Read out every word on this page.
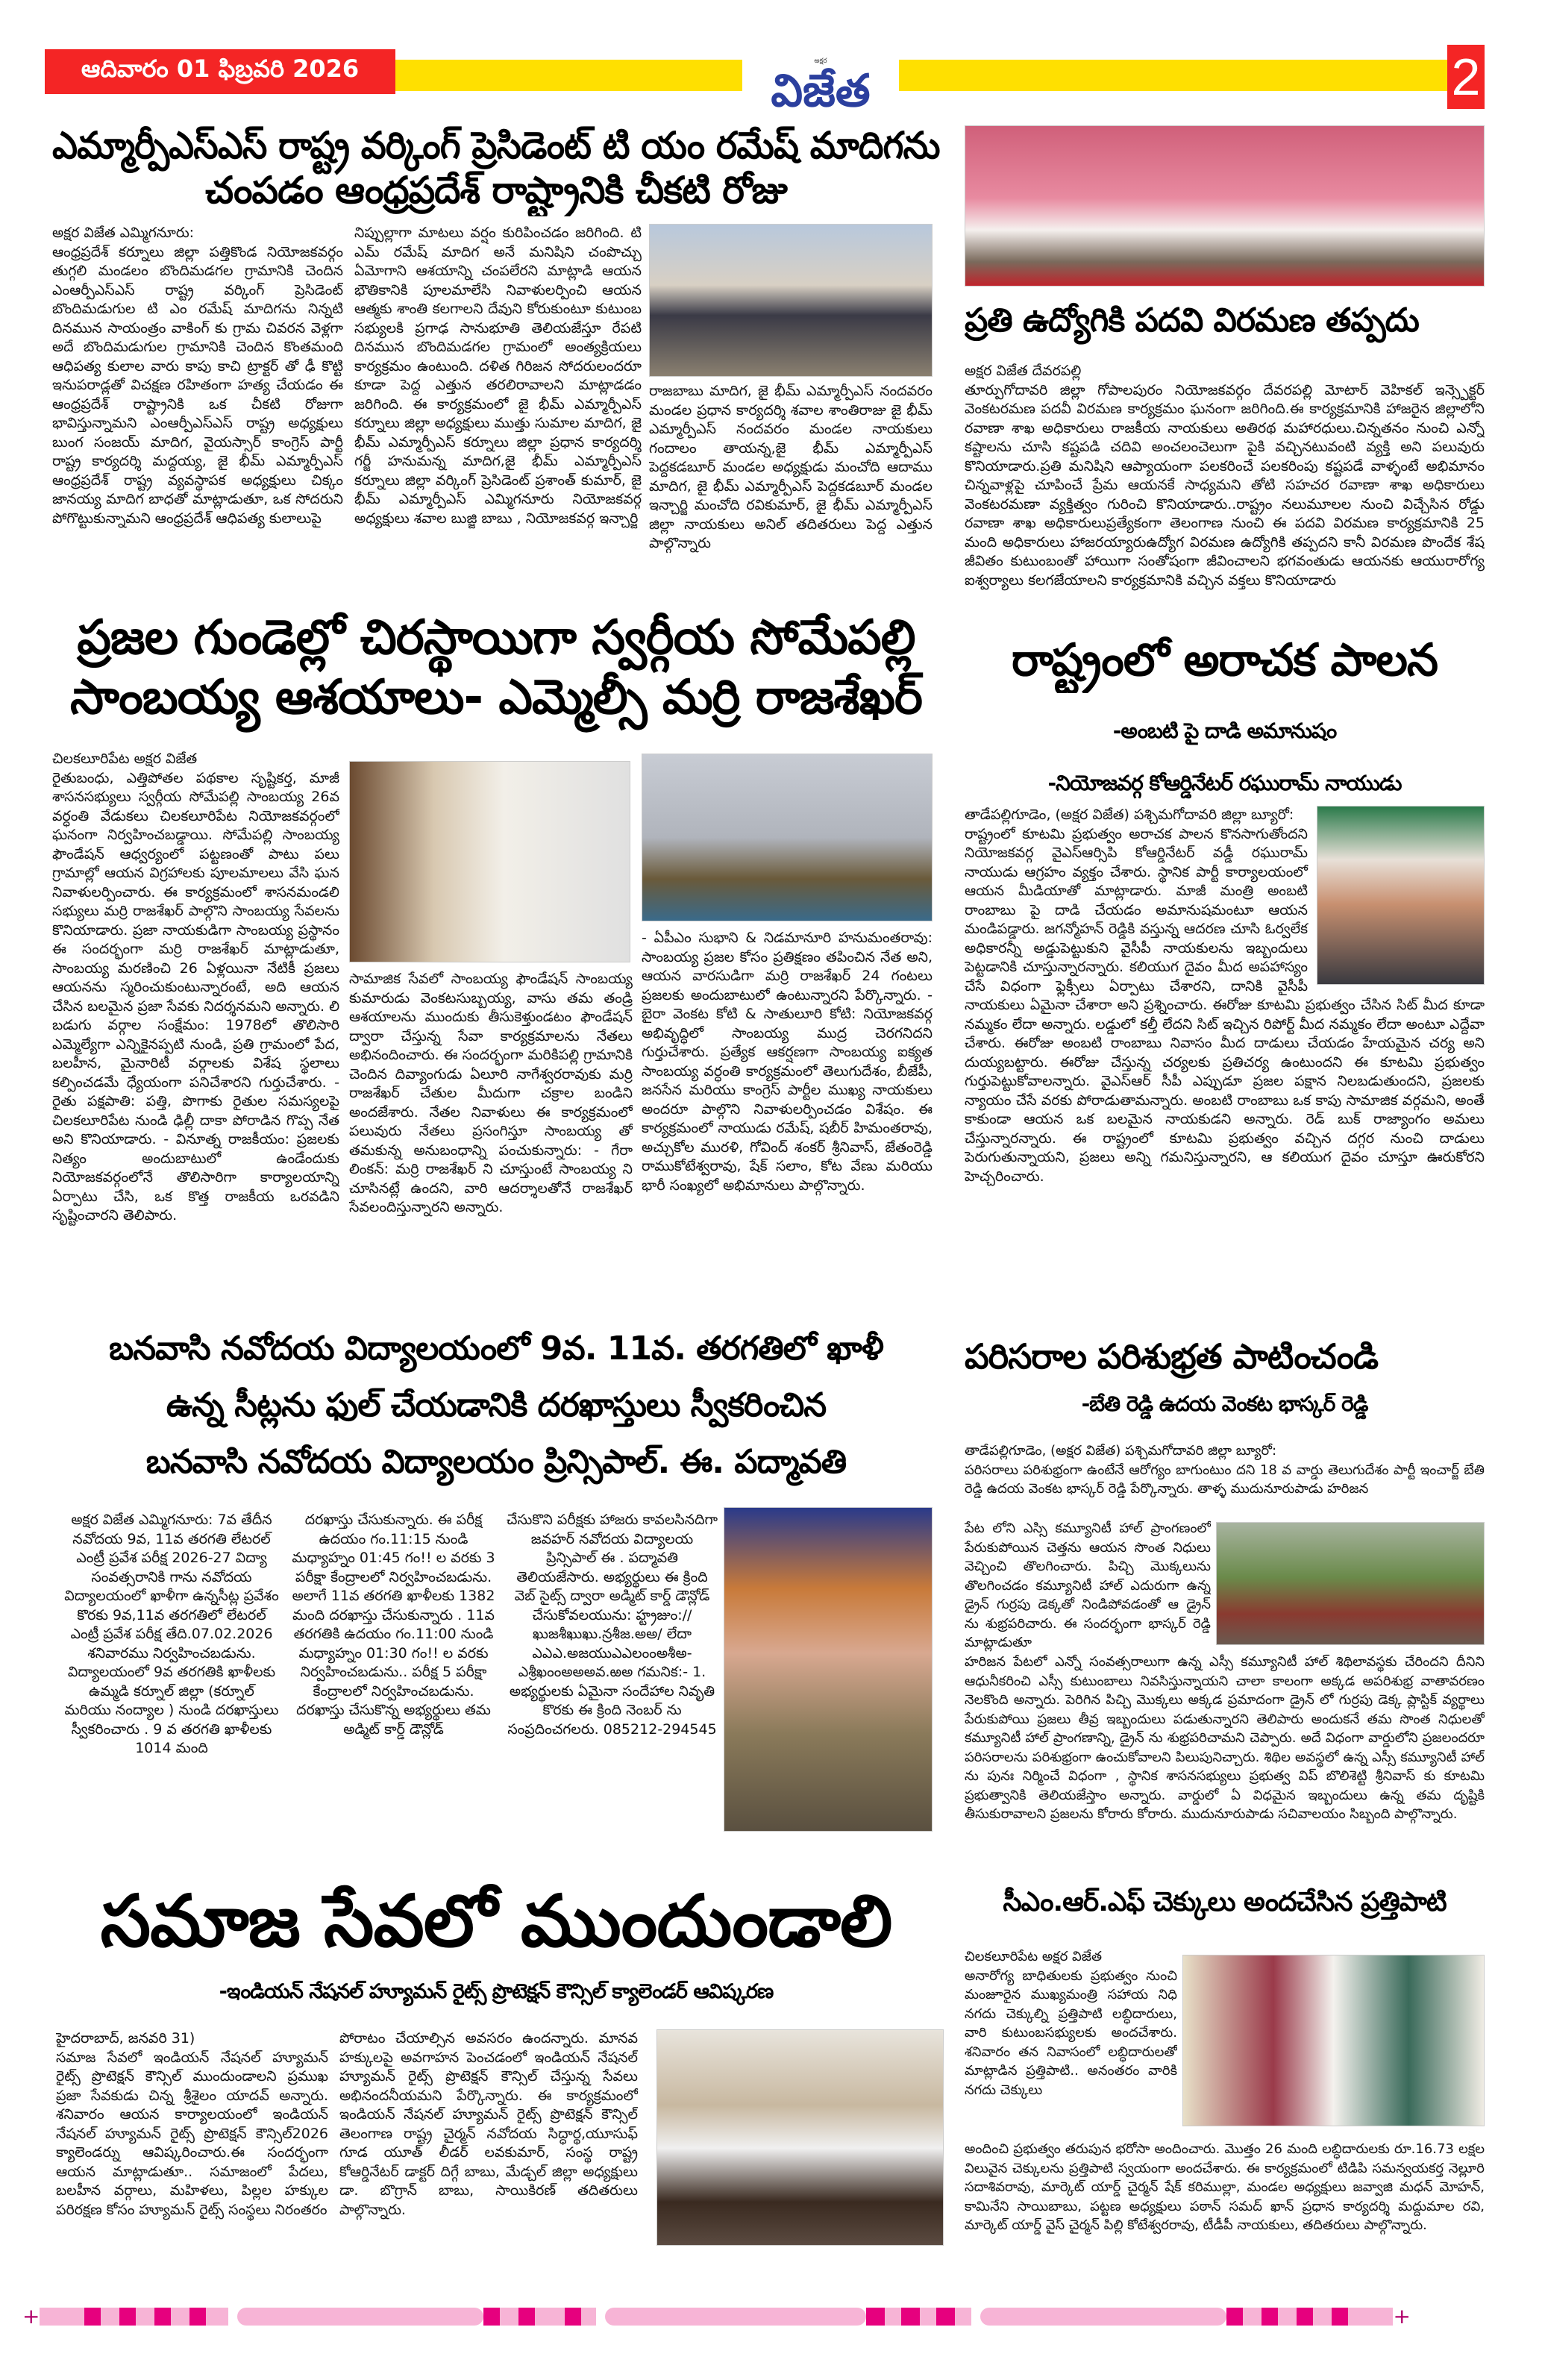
ఆదివారం 01 ఫిబ్రవరి 2026	అక్షర
విజేత	2
ఎమ్మార్పీఎస్ఎస్ రాష్ట్ర వర్కింగ్ ప్రెసిడెంట్ టి యం రమేష్ మాదిగను
చంపడం ఆంధ్రప్రదేశ్ రాష్ట్రానికి చీకటి రోజు

అక్షర విజేత ఎమ్మిగనూరు:

ఆంధ్రప్రదేశ్ కర్నూలు జిల్లా పత్తికొండ నియోజకవర్గం తుగ్గలి మండలం బొందిమడగల గ్రామానికి చెందిన ఎంఆర్పీఎస్ఎస్ రాష్ట్ర వర్కింగ్ ప్రెసిడెంట్ బొందిమడుగుల టి ఎం రమేష్ మాదిగను నిన్నటి దినమున సాయంత్రం వాకింగ్ కు గ్రామ చివరన వెళ్లగా అదే బొందిమడుగుల గ్రామానికి చెందిన కొంతమంది ఆధిపత్య కులాల వారు కాపు కాచి ట్రాక్టర్ తో ఢీ కొట్టి ఇనుపరాడ్లతో విచక్షణ రహితంగా హత్య చేయడం ఈ ఆంధ్రప్రదేశ్ రాష్ట్రానికి ఒక చీకటి రోజుగా భావిస్తున్నామని ఎంఆర్పీఎస్ఎస్ రాష్ట్ర అధ్యక్షులు బుంగ సంజయ్ మాదిగ, వైయస్సార్ కాంగ్రెస్ పార్టీ రాష్ట్ర కార్యదర్శి మద్దయ్య, జై భీమ్ ఎమ్మార్పీఎస్ ఆంధ్రప్రదేశ్ రాష్ట్ర వ్యవస్థాపక అధ్యక్షులు చిక్కం జానయ్య మాదిగ బాధతో మాట్లాడుతూ, ఒక సోదరుని పోగొట్టుకున్నామని ఆంధ్రప్రదేశ్ ఆధిపత్య కులాలుపై

నిప్పుల్లాగా మాటలు వర్షం కురిపించడం జరిగింది. టి ఎమ్ రమేష్ మాదిగ అనే మనిషిని చంపొచ్చు ఏమోగాని ఆశయాన్ని చంపలేరని మాట్లాడి ఆయన భౌతికానికి పూలమాలేసి నివాళులర్పించి ఆయన ఆత్మకు శాంతి కలగాలని దేవుని కోరుకుంటూ కుటుంబ సభ్యులకి ప్రగాఢ సానుభూతి తెలియజేస్తూ రేపటి దినమున బొందిమడగల గ్రామంలో అంత్యక్రియలు కార్యక్రమం ఉంటుంది. దళిత గిరిజన సోదరులందరూ కూడా పెద్ద ఎత్తున తరలిరావాలని మాట్లాడడం జరిగింది. ఈ కార్యక్రమంలో జై భీమ్ ఎమ్మార్పీఎస్ కర్నూలు జిల్లా అధ్యక్షులు ముత్తు సుమాల మాదిగ, జై భీమ్ ఎమ్మార్పీఎస్ కర్నూలు జిల్లా ప్రధాన కార్యదర్శి గర్జీ హనుమన్న మాదిగ,జై భీమ్ ఎమ్మార్పీఎస్ కర్నూలు జిల్లా వర్కింగ్ ప్రెసిడెంట్ ప్రశాంత్ కుమార్, జై భీమ్ ఎమ్మార్పీఎస్ ఎమ్మిగనూరు నియోజకవర్గ అధ్యక్షులు శవాల బుజ్జి బాబు , నియోజకవర్గ ఇన్చార్జి

రాజబాబు మాదిగ, జై భీమ్ ఎమ్మార్పీఎస్ నందవరం మండల ప్రధాన కార్యదర్శి శవాల శాంతిరాజు జై భీమ్ ఎమ్మార్పీఎస్ నందవరం మండల నాయకులు గందాలం తాయన్న,జై భీమ్ ఎమ్మార్పీఎస్ పెద్దకడబూర్ మండల అధ్యక్షుడు మంచోది ఆదాము మాదిగ, జై భీమ్ ఎమ్మార్పీఎస్ పెద్దకడబూర్ మండల ఇన్చార్జి మంచోది రవికుమార్, జై భీమ్ ఎమ్మార్పీఎస్ జిల్లా నాయకులు అనిల్ తదితరులు పెద్ద ఎత్తున పాల్గొన్నారు

ప్రతి ఉద్యోగికి పదవి విరమణ తప్పదు

అక్షర విజేత దేవరపల్లి

తూర్పుగోదావరి జిల్లా గోపాలపురం నియోజకవర్గం దేవరపల్లి మోటార్ వెహికల్ ఇన్స్పెక్టర్ వెంకటరమణ పదవీ విరమణ కార్యక్రమం ఘనంగా జరిగింది.ఈ కార్యక్రమానికి హాజరైన జిల్లాలోని రవాణా శాఖ అధికారులు రాజకీయ నాయకులు అతిరథ మహారధులు.చిన్నతనం నుంచి ఎన్నో కష్టాలను చూసి కష్టపడి చదివి అంచలంచెలుగా పైకి వచ్చినటువంటి వ్యక్తి అని పలువురు కొనియాడారు.ప్రతి మనిషిని ఆప్యాయంగా పలకరించే పలకరింపు కష్టపడే వాళ్ళంటే అభిమానం చిన్నవాళ్లపై చూపించే ప్రేమ ఆయనకే సాధ్యమని తోటి సహచర రవాణా శాఖ అధికారులు వెంకటరమణా వ్యక్తిత్వం గురించి కొనియాడారు..రాష్ట్రం నలుమూలల నుంచి విచ్చేసిన రోడ్డు రవాణా శాఖ అధికారులుప్రత్యేకంగా తెలంగాణ నుంచి ఈ పదవి విరమణ కార్యక్రమానికి 25 మంది అధికారులు హాజరయ్యారుఉద్యోగ విరమణ ఉద్యోగికి తప్పదని కానీ విరమణ పొందేక శేష జీవితం కుటుంబంతో హాయిగా సంతోషంగా జీవించాలని భగవంతుడు ఆయనకు ఆయురారోగ్య ఐశ్వర్యాలు కలగజేయాలని కార్యక్రమానికి వచ్చిన వక్తలు కొనియాడారు

ప్రజల గుండెల్లో చిరస్థాయిగా స్వర్గీయ సోమేపల్లి
సాంబయ్య ఆశయాలు- ఎమ్మెల్సీ మర్రి రాజశేఖర్

చిలకలూరిపేట అక్షర విజేత

రైతుబంధు, ఎత్తిపోతల పథకాల సృష్టికర్త, మాజీ శాసనసభ్యులు స్వర్గీయ సోమేపల్లి సాంబయ్య 26వ వర్ధంతి వేడుకలు చిలకలూరిపేట నియోజకవర్గంలో ఘనంగా నిర్వహించబడ్డాయి. సోమేపల్లి సాంబయ్య ఫౌండేషన్ ఆధ్వర్యంలో పట్టణంతో పాటు పలు గ్రామాల్లో ఆయన విగ్రహాలకు పూలమాలలు వేసి ఘన నివాళులర్పించారు. ఈ కార్యక్రమంలో శాసనమండలి సభ్యులు మర్రి రాజశేఖర్ పాల్గొని సాంబయ్య సేవలను కొనియాడారు. ప్రజా నాయకుడిగా సాంబయ్య ప్రస్థానం ఈ సందర్భంగా మర్రి రాజశేఖర్ మాట్లాడుతూ, సాంబయ్య మరణించి 26 ఏళ్లయినా నేటికీ ప్రజలు ఆయనను స్మరించుకుంటున్నారంటే, అది ఆయన చేసిన బలమైన ప్రజా సేవకు నిదర్శనమని అన్నారు. లి బడుగు వర్గాల సంక్షేమం: 1978లో తొలిసారి ఎమ్మెల్యేగా ఎన్నికైనప్పటి నుండి, ప్రతి గ్రామంలో పేద, బలహీన, మైనారిటీ వర్గాలకు విశేష స్థలాలు కల్పించడమే ధ్యేయంగా పనిచేశారని గుర్తుచేశారు. - రైతు పక్షపాతి: పత్తి, పొగాకు రైతుల సమస్యలపై చిలకలూరిపేట నుండి ఢిల్లీ దాకా పోరాడిన గొప్ప నేత అని కొనియాడారు. - వినూత్న రాజకీయం: ప్రజలకు నిత్యం అందుబాటులో ఉండేందుకు నియోజకవర్గంలోనే తొలిసారిగా కార్యాలయాన్ని ఏర్పాటు చేసి, ఒక కొత్త రాజకీయ ఒరవడిని సృష్టించారని తెలిపారు.

సామాజిక సేవలో సాంబయ్య ఫౌండేషన్ సాంబయ్య కుమారుడు వెంకటసుబ్బయ్య, వాసు తమ తండ్రి ఆశయాలను ముందుకు తీసుకెళ్తుండటం ఫౌండేషన్ ద్వారా చేస్తున్న సేవా కార్యక్రమాలను నేతలు అభినందించారు. ఈ సందర్భంగా మరికిపల్లి గ్రామానికి చెందిన దివ్యాంగుడు ఏలూరి నాగేశ్వరరావుకు మర్రి రాజశేఖర్ చేతుల మీదుగా చక్రాల బండిని అందజేశారు. నేతల నివాళులు ఈ కార్యక్రమంలో పలువురు నేతలు ప్రసంగిస్తూ సాంబయ్య తో తమకున్న అనుబంధాన్ని పంచుకున్నారు: - గేరా లింకన్: మర్రి రాజశేఖర్ ని చూస్తుంటే సాంబయ్య ని చూసినట్లే ఉందని, వారి ఆదర్శాలతోనే రాజశేఖర్ సేవలందిస్తున్నారని అన్నారు.

- ఏపీఎం సుభాని & నిడమానూరి హనుమంతరావు: సాంబయ్య ప్రజల కోసం ప్రతిక్షణం తపించిన నేత అని, ఆయన వారసుడిగా మర్రి రాజశేఖర్ 24 గంటలు ప్రజలకు అందుబాటులో ఉంటున్నారని పేర్కొన్నారు. - బైరా వెంకట కోటి & సాతులూరి కోటి: నియోజకవర్గ అభివృద్ధిలో సాంబయ్య ముద్ర చెరగనిదని గుర్తుచేశారు. ప్రత్యేక ఆకర్షణగా సాంబయ్య ఐక్యత సాంబయ్య వర్ధంతి కార్యక్రమంలో తెలుగుదేశం, బీజేపీ, జనసేన మరియు కాంగ్రెస్ పార్టీల ముఖ్య నాయకులు అందరూ పాల్గొని నివాళులర్పించడం విశేషం. ఈ కార్యక్రమంలో నాయుడు రమేష్, షబీర్ హిమంతరావు, అచ్చుకోల మురళి, గోవింద్ శంకర్ శ్రీనివాస్, జేతంరెడ్డి రాముకోటేశ్వరావు, షేక్ సలాం, కోట వేణు మరియు భారీ సంఖ్యలో అభిమానులు పాల్గొన్నారు.

రాష్ట్రంలో అరాచక పాలన
-అంబటి పై దాడి అమానుషం
-నియోజవర్గ కోఆర్డినేటర్ రఘురామ్ నాయుడు

తాడేపల్లిగూడెం, (అక్షర విజేత) పశ్చిమగోదావరి జిల్లా బ్యూరో:

రాష్ట్రంలో కూటమి ప్రభుత్వం అరాచక పాలన కొనసాగుతోందని నియోజకవర్గ వైఎస్ఆర్సిపి కోఆర్డినేటర్ వడ్డీ రఘురామ్ నాయుడు ఆగ్రహం వ్యక్తం చేశారు. స్థానిక పార్టీ కార్యాలయంలో ఆయన మీడియాతో మాట్లాడారు. మాజీ మంత్రి అంబటి రాంబాబు పై దాడి చేయడం అమానుషమంటూ ఆయన మండిపడ్డారు. జగన్మోహన్ రెడ్డికి వస్తున్న ఆదరణ చూసి ఓర్వలేక అధికారన్నీ అడ్డుపెట్టుకుని వైసీపీ నాయకులను ఇబ్బందులు పెట్టడానికి చూస్తున్నారన్నారు. కలియుగ దైవం మీద అపహాస్యం చేసే విధంగా ఫ్లెక్సీలు ఏర్పాటు చేశారని, దానికి వైసీపీ నాయకులు ఏమైనా చేశారా అని ప్రశ్నించారు. ఈరోజు కూటమి ప్రభుత్వం చేసిన సిట్ మీద కూడా నమ్మకం లేదా అన్నారు. లడ్డులో కల్తీ లేదని సిట్ ఇచ్చిన రిపోర్ట్ మీద నమ్మకం లేదా అంటూ ఎద్దేవా చేశారు. ఈరోజు అంబటి రాంబాబు నివాసం మీద దాడులు చేయడం హేయమైన చర్య అని దుయ్యబట్టారు. ఈరోజు చేస్తున్న చర్యలకు ప్రతిచర్య ఉంటుందని ఈ కూటమి ప్రభుత్వం గుర్తుపెట్టుకోవాలన్నారు. వైఎస్ఆర్ సీపీ ఎప్పుడూ ప్రజల పక్షాన నిలబడుతుందని, ప్రజలకు న్యాయం చేసే వరకు పోరాడుతామన్నారు. అంబటి రాంబాబు ఒక కాపు సామాజిక వర్గమని, అంతే కాకుండా ఆయన ఒక బలమైన నాయకుడని అన్నారు. రెడ్ బుక్ రాజ్యాంగం అమలు చేస్తున్నారన్నారు. ఈ రాష్ట్రంలో కూటమి ప్రభుత్వం వచ్చిన దగ్గర నుంచి దాడులు పెరుగుతున్నాయని, ప్రజలు అన్ని గమనిస్తున్నారని, ఆ కలియుగ దైవం చూస్తూ ఊరుకోరని హెచ్చరించారు.

బనవాసి నవోదయ విద్యాలయంలో 9వ. 11వ. తరగతిలో ఖాళీ
ఉన్న సీట్లను ఫుల్ చేయడానికి దరఖాస్తులు స్వీకరించిన
బనవాసి నవోదయ విద్యాలయం ప్రిన్సిపాల్. ఈ. పద్మావతి

అక్షర విజేత ఎమ్మిగనూరు: 7వ తేదీన నవోదయ 9వ, 11వ తరగతి లేటరల్ ఎంట్రీ ప్రవేశ పరీక్ష 2026-27 విద్యా సంవత్సరానికి గాను నవోదయ విద్యాలయంలో ఖాళీగా ఉన్నసీట్ల ప్రవేశం కొరకు 9వ,11వ తరగతిలో లేటరల్ ఎంట్రీ ప్రవేశ పరీక్ష తేది.07.02.2026 శనివారము నిర్వహించబడును. విద్యాలయంలో 9వ తరగతికి ఖాళీలకు ఉమ్మడి కర్నూల్ జిల్లా (కర్నూల్ మరియు నంద్యాల ) నుండి దరఖాస్తులు స్వీకరించారు . 9 వ తరగతి ఖాళీలకు 1014 మంది

దరఖాస్తు చేసుకున్నారు. ఈ పరీక్ష ఉదయం గం.11:15 నుండి మధ్యాహ్నం 01:45 గం!! ల వరకు 3 పరీక్షా కేంద్రాలలో నిర్వహించబడును. అలాగే 11వ తరగతి ఖాళీలకు 1382 మంది దరఖాస్తు చేసుకున్నారు . 11వ తరగతికి ఉదయం గం.11:00 నుండి మధ్యాహ్నం 01:30 గం!! ల వరకు నిర్వహించబడును.. పరీక్ష 5 పరీక్షా కేంద్రాలలో నిర్వహించబడును. దరఖాస్తు చేసుకొన్న అభ్యర్థులు తమ అడ్మిట్ కార్డ్ డౌన్లోడ్

చేసుకొని పరీక్షకు హాజరు కావలసినదిగా జవహర్ నవోదయ విద్యాలయ ప్రిన్సిపాల్ ఈ . పద్మావతి తెలియజేసారు. అభ్యర్థులు ఈ క్రింది వెబ్ సైట్స్ ద్వారా అడ్మిట్ కార్డ్ డౌన్లోడ్ చేసుకోవలయును: హ్ట్రజుం://ఖుజశీఖుఖు.న్రశీజ.అఅ/ లేదా ఎఎఎ.అజయుఎఎలంంఅశీఅ-ఎశ్రీఖంంఅఅఅవ.ఱఅ గమనిక:- 1. అభ్యర్థులకు ఏమైనా సందేహాల నివృతి కొరకు ఈ క్రింది నెంబర్ ను సంప్రదించగలరు. 085212-294545

పరిసరాల పరిశుభ్రత పాటించండి
-బేతి రెడ్డి ఉదయ వెంకట భాస్కర్ రెడ్డి

తాడేపల్లిగూడెం, (అక్షర విజేత) పశ్చిమగోదావరి జిల్లా బ్యూరో:

పరిసరాలు పరిశుభ్రంగా ఉంటేనే ఆరోగ్యం బాగుంటుం దని 18 వ వార్డు తెలుగుదేశం పార్టీ ఇంచార్జ్ బేతి రెడ్డి ఉదయ వెంకట భాస్కర్ రెడ్డి పేర్కొన్నారు. తాళ్ళ ముదునూరుపాడు హరిజన

పేట లోని ఎస్సి కమ్యూనిటీ హాల్ ప్రాంగణంలో పేరుకుపోయిన చెత్తను ఆయన సొంత నిధులు వెచ్చించి తొలగించారు. పిచ్చి మొక్కలును తొలగించడం కమ్యూనిటీ హాల్ ఎదురుగా ఉన్న డ్రైన్ గుర్రపు డెక్కతో నిండిపోవడంతో ఆ డ్రైన్ ను శుభ్రపరిచారు. ఈ సందర్భంగా భాస్కర్ రెడ్డి మాట్లాడుతూ

హరిజన పేటలో ఎన్నో సంవత్సరాలుగా ఉన్న ఎస్సీ కమ్యూనిటీ హాల్ శిథిలావస్థకు చేరిందని దీనిని ఆధునీకరించి ఎస్సీ కుటుంబాలు నివసిస్తున్నాయని చాలా కాలంగా అక్కడ అపరిశుభ్ర వాతావరణం నెలకొంది అన్నారు. పెరిగిన పిచ్చి మొక్కలు అక్కడ ప్రమాదంగా డ్రైన్ లో గుర్రపు డెక్క ప్లాస్టిక్ వ్యర్థాలు పేరుకుపోయి ప్రజలు తీవ్ర ఇబ్బందులు పడుతున్నారని తెలిపారు అందుకనే తమ సొంత నిధులతో కమ్యూనిటీ హాల్ ప్రాంగణాన్ని, డ్రైన్ ను శుభ్రపరిచామని చెప్పారు. అదే విధంగా వార్డులోని ప్రజలందరూ పరిసరాలను పరిశుభ్రంగా ఉంచుకోవాలని పిలుపునిచ్చారు. శిథిల అవస్థలో ఉన్న ఎస్సీ కమ్యూనిటీ హాల్ ను పునః నిర్మించే విధంగా , స్థానిక శాసనసభ్యులు ప్రభుత్వ విప్ బొలిశెట్టి శ్రీనివాస్ కు కూటమి ప్రభుత్వానికి తెలియజేస్తాం అన్నారు. వార్డులో ఏ విధమైన ఇబ్బందులు ఉన్న తమ దృష్టికి తీసుకురావాలని ప్రజలను కోరారు కోరారు. ముదునూరుపాడు సచివాలయం సిబ్బంది పాల్గొన్నారు.

సమాజ సేవలో ముందుండాలి
-ఇండియన్ నేషనల్ హ్యూమన్ రైట్స్ ప్రొటెక్షన్ కౌన్సిల్ క్యాలెండర్ ఆవిష్కరణ

హైదరాబాద్, జనవరి 31)

సమాజ సేవలో ఇండియన్ నేషనల్ హ్యూమన్ రైట్స్ ప్రొటెక్షన్ కౌన్సిల్ ముందుండాలని ప్రముఖ ప్రజా సేవకుడు చిన్న శ్రీశైలం యాదవ్ అన్నారు. శనివారం ఆయన కార్యాలయంలో ఇండియన్ నేషనల్ హ్యూమన్ రైట్స్ ప్రొటెక్షన్ కౌన్సిల్2026 క్యాలెండర్ను ఆవిష్కరించారు.ఈ సందర్భంగా ఆయన మాట్లాడుతూ.. సమాజంలో పేదలు, బలహీన వర్గాలు, మహిళలు, పిల్లల హక్కుల పరిరక్షణ కోసం హ్యూమన్ రైట్స్ సంస్థలు నిరంతరం

పోరాటం చేయాల్సిన అవసరం ఉందన్నారు. మానవ హక్కులపై అవగాహన పెంచడంలో ఇండియన్ నేషనల్ హ్యూమన్ రైట్స్ ప్రొటెక్షన్ కౌన్సిల్ చేస్తున్న సేవలు అభినందనీయమని పేర్కొన్నారు. ఈ కార్యక్రమంలో ఇండియన్ నేషనల్ హ్యూమన్ రైట్స్ ప్రొటెక్షన్ కౌన్సిల్ తెలంగాణ రాష్ట్ర చైర్మన్ నవోదయ సిద్ధార్థ,యూసుఫ్ గూడ యూత్ లీడర్ లవకుమార్, సంస్థ రాష్ట్ర కోఆర్డినేటర్ డాక్టర్ దిగ్గే బాబు, మేడ్చల్ జిల్లా అధ్యక్షులు డా. బొగ్రాన్ బాబు, సాయికిరణ్ తదితరులు పాల్గొన్నారు.

సీఎం.ఆర్.ఎఫ్ చెక్కులు అందచేసిన ప్రత్తిపాటి

చిలకలూరిపేట అక్షర విజేత

అనారోగ్య బాధితులకు ప్రభుత్వం నుంచి మంజూరైన ముఖ్యమంత్రి సహాయ నిధి నగదు చెక్కుల్ని ప్రత్తిపాటి లబ్ధిదారులు, వారి కుటుంబసభ్యులకు అందచేశారు. శనివారం తన నివాసంలో లబ్ధిదారులతో మాట్లాడిన ప్రత్తిపాటి.. అనంతరం వారికి నగదు చెక్కులు

అందించి ప్రభుత్వం తరుపున భరోసా అందించారు. మొత్తం 26 మంది లబ్ధిదారులకు రూ.16.73 లక్షల విలువైన చెక్కులను ప్రత్తిపాటి స్వయంగా అందచేశారు. ఈ కార్యక్రమంలో టిడిపి సమన్వయకర్త నెల్లూరి సదాశివరావు, మార్కెట్ యార్డ్ చైర్మన్ షేక్ కరిముల్లా, మండల అధ్యక్షులు జవ్వాజి మధన్ మోహన్, కామినేని సాయిబాబు, పట్టణ అధ్యక్షులు పఠాన్ సమద్ ఖాన్ ప్రధాన కార్యదర్శి మద్దుమాల రవి, మార్కెట్ యార్డ్ వైస్ చైర్మన్ పిల్లి కోటేశ్వరరావు, టీడీపీ నాయకులు, తదితరులు పాల్గొన్నారు.

+	+
